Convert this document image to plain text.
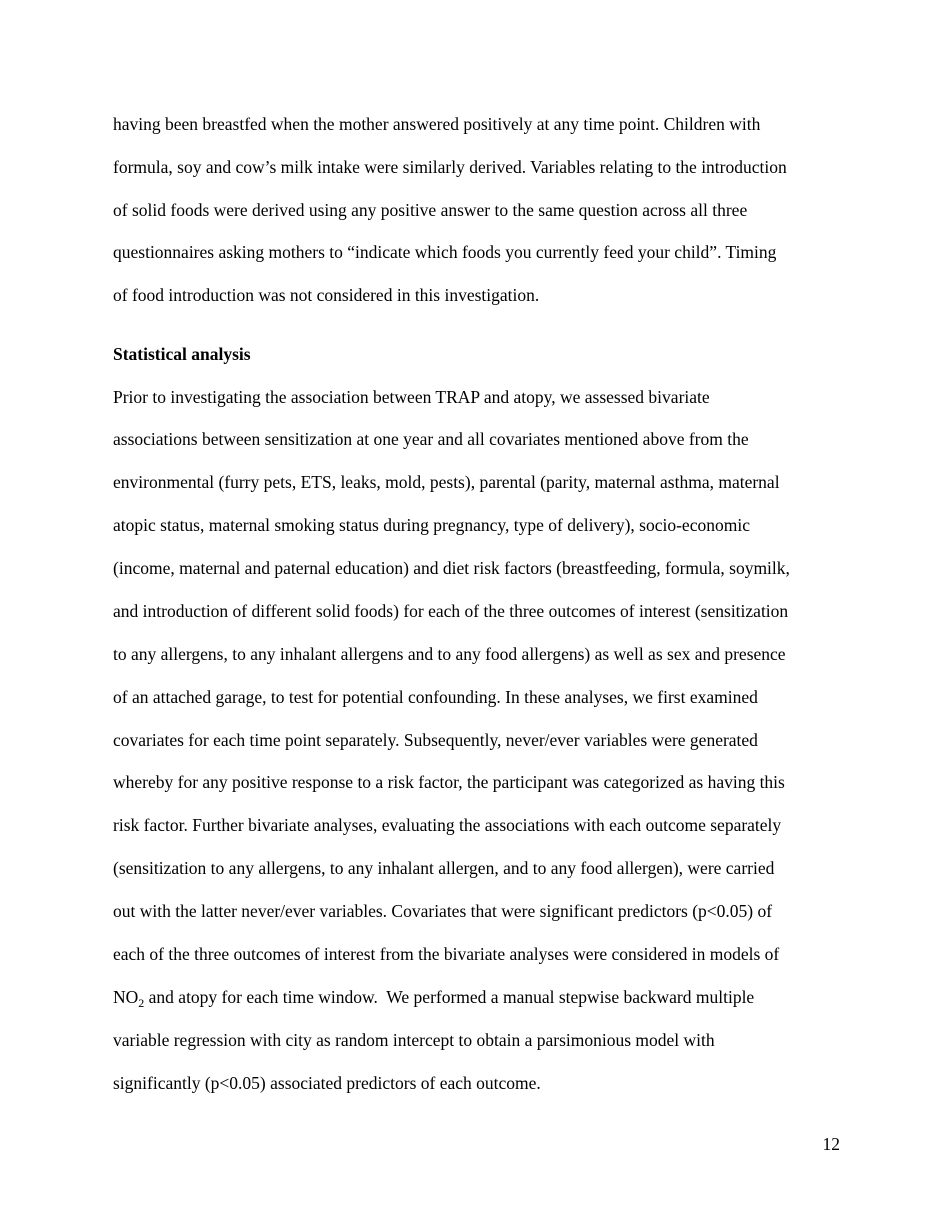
having been breastfed when the mother answered positively at any time point. Children with
formula, soy and cow’s milk intake were similarly derived. Variables relating to the introduction
of solid foods were derived using any positive answer to the same question across all three
questionnaires asking mothers to “indicate which foods you currently feed your child”. Timing
of food introduction was not considered in this investigation.
Statistical analysis
Prior to investigating the association between TRAP and atopy, we assessed bivariate
associations between sensitization at one year and all covariates mentioned above from the
environmental (furry pets, ETS, leaks, mold, pests), parental (parity, maternal asthma, maternal
atopic status, maternal smoking status during pregnancy, type of delivery), socio-economic
(income, maternal and paternal education) and diet risk factors (breastfeeding, formula, soymilk,
and introduction of different solid foods) for each of the three outcomes of interest (sensitization
to any allergens, to any inhalant allergens and to any food allergens) as well as sex and presence
of an attached garage, to test for potential confounding. In these analyses, we first examined
covariates for each time point separately. Subsequently, never/ever variables were generated
whereby for any positive response to a risk factor, the participant was categorized as having this
risk factor. Further bivariate analyses, evaluating the associations with each outcome separately
(sensitization to any allergens, to any inhalant allergen, and to any food allergen), were carried
out with the latter never/ever variables. Covariates that were significant predictors (p<0.05) of
each of the three outcomes of interest from the bivariate analyses were considered in models of
$NO_2$ and atopy for each time window.  We performed a manual stepwise backward multiple
variable regression with city as random intercept to obtain a parsimonious model with
significantly (p<0.05) associated predictors of each outcome.
12
